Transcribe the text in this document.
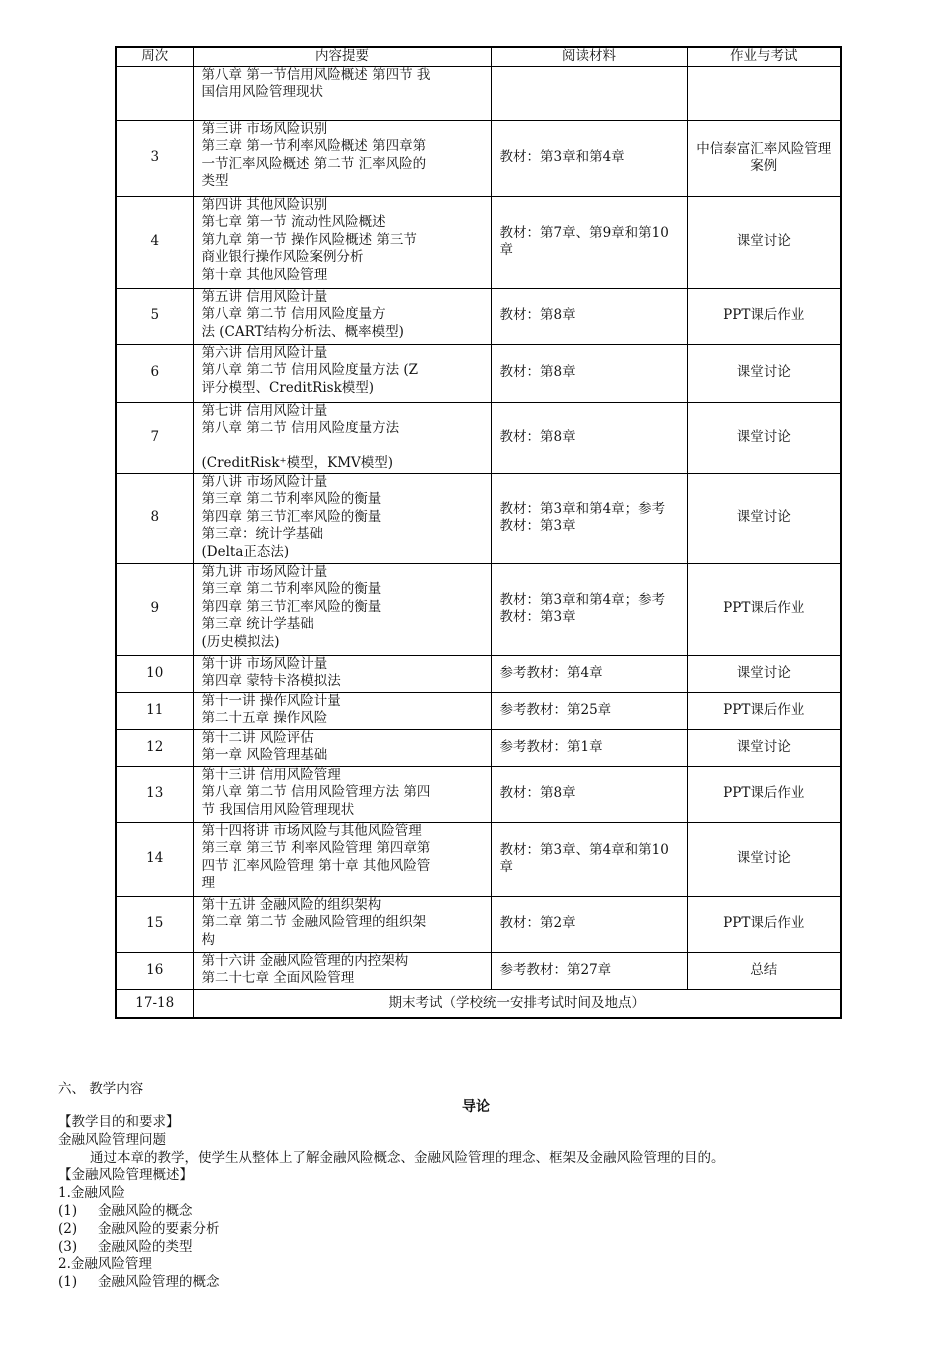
周次	内容提要	阅读材料	作业与考试

	第八章 第一节信用风险概述 第四节 我
国信用风险管理现状		

3	第三讲 市场风险识别
第三章 第一节利率风险概述 第四章第
一节汇率风险概述 第二节 汇率风险的
类型	教材：第3章和第4章	中信泰富汇率风险管理案例
4	第四讲 其他风险识别
第七章 第一节 流动性风险概述
第九章 第一节 操作风险概述 第三节
商业银行操作风险案例分析
第十章 其他风险管理	教材：第7章、第9章和第10章	课堂讨论
5	第五讲 信用风险计量
第八章 第二节 信用风险度量方
法 (CART结构分析法、概率模型)	教材：第8章	PPT课后作业
6	第六讲 信用风险计量
第八章 第二节 信用风险度量方法 (Z
评分模型、CreditRisk模型)	教材：第8章	课堂讨论
7	第七讲 信用风险计量
第八章 第二节 信用风险度量方法

(CreditRisk⁺模型，KMV模型)	教材：第8章	课堂讨论
8	第八讲 市场风险计量
第三章 第二节利率风险的衡量
第四章 第三节汇率风险的衡量
第三章：统计学基础
(Delta正态法)	教材：第3章和第4章；参考教材：第3章	课堂讨论
9	第九讲 市场风险计量
第三章 第二节利率风险的衡量
第四章 第三节汇率风险的衡量
第三章 统计学基础
(历史模拟法)	教材：第3章和第4章；参考教材：第3章	PPT课后作业
10	第十讲 市场风险计量
第四章 蒙特卡洛模拟法	参考教材：第4章	课堂讨论
11	第十一讲 操作风险计量
第二十五章 操作风险	参考教材：第25章	PPT课后作业
12	第十二讲 风险评估
第一章 风险管理基础	参考教材：第1章	课堂讨论
13	第十三讲 信用风险管理
第八章 第二节 信用风险管理方法 第四
节 我国信用风险管理现状	教材：第8章	PPT课后作业
14	第十四将讲 市场风险与其他风险管理
第三章 第三节 利率风险管理 第四章第
四节 汇率风险管理 第十章 其他风险管
理	教材：第3章、第4章和第10章	课堂讨论
15	第十五讲 金融风险的组织架构
第二章 第二节 金融风险管理的组织架
构	教材：第2章	PPT课后作业
16	第十六讲 金融风险管理的内控架构
第二十七章 全面风险管理	参考教材：第27章	总结
17-18	期末考试（学校统一安排考试时间及地点）		
六、 教学内容
导论
【教学目的和要求】
金融风险管理问题
通过本章的教学，使学生从整体上了解金融风险概念、金融风险管理的理念、框架及金融风险管理的目的。
【金融风险管理概述】
1.金融风险
(1) 金融风险的概念
(2) 金融风险的要素分析
(3) 金融风险的类型
2.金融风险管理
(1) 金融风险管理的概念
